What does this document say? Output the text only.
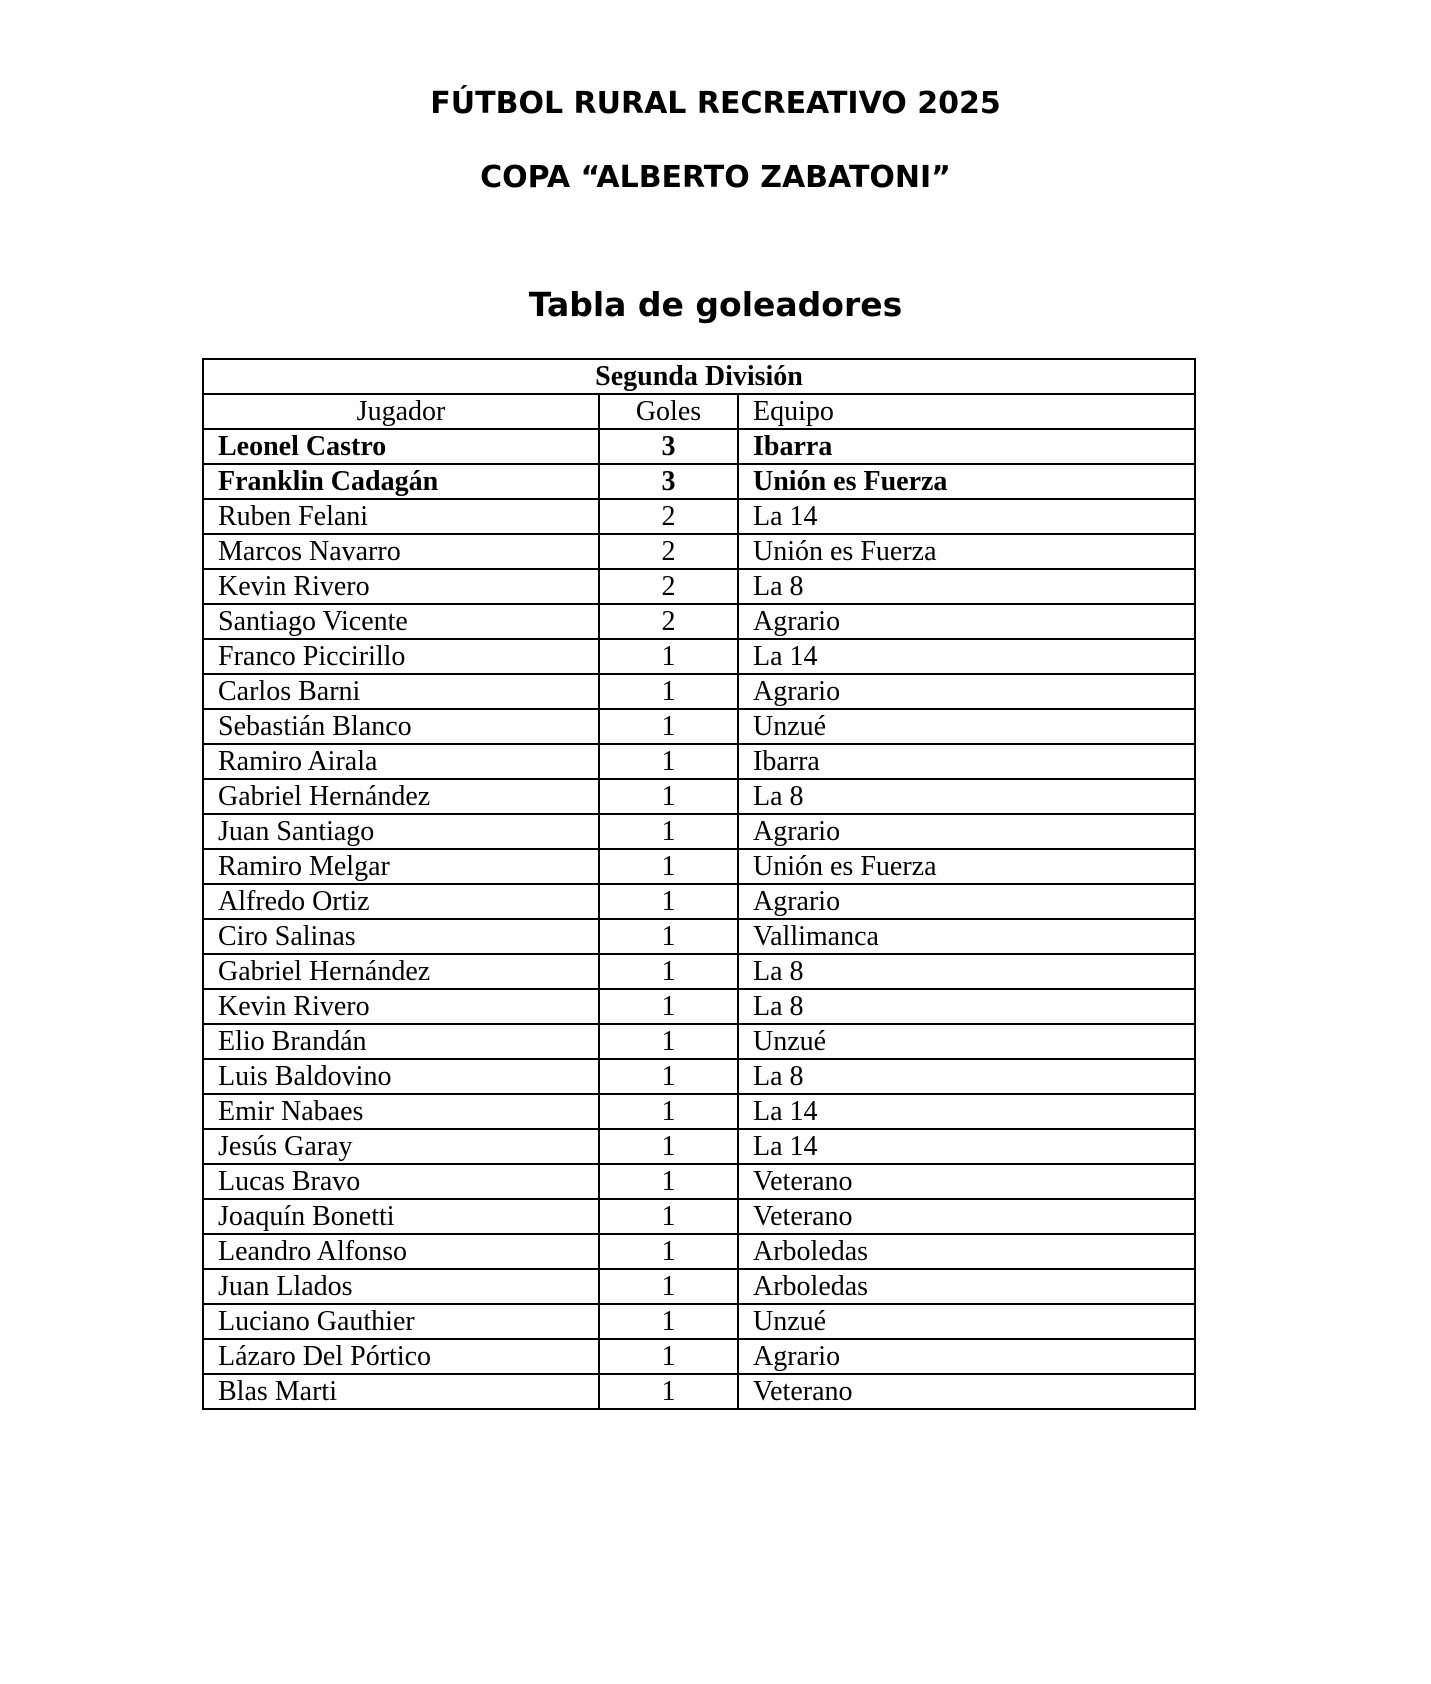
FÚTBOL RURAL RECREATIVO 2025
COPA “ALBERTO ZABATONI”
Tabla de goleadores
Segunda División		
Jugador	Goles	Equipo
Leonel Castro	3	Ibarra
Franklin Cadagán	3	Unión es Fuerza
Ruben Felani	2	La 14
Marcos Navarro	2	Unión es Fuerza
Kevin Rivero	2	La 8
Santiago Vicente	2	Agrario
Franco Piccirillo	1	La 14
Carlos Barni	1	Agrario
Sebastián Blanco	1	Unzué
Ramiro Airala	1	Ibarra
Gabriel Hernández	1	La 8
Juan Santiago	1	Agrario
Ramiro Melgar	1	Unión es Fuerza
Alfredo Ortiz	1	Agrario
Ciro Salinas	1	Vallimanca
Gabriel Hernández	1	La 8
Kevin Rivero	1	La 8
Elio Brandán	1	Unzué
Luis Baldovino	1	La 8
Emir Nabaes	1	La 14
Jesús Garay	1	La 14
Lucas Bravo	1	Veterano
Joaquín Bonetti	1	Veterano
Leandro Alfonso	1	Arboledas
Juan Llados	1	Arboledas
Luciano Gauthier	1	Unzué
Lázaro Del Pórtico	1	Agrario
Blas Marti	1	Veterano
